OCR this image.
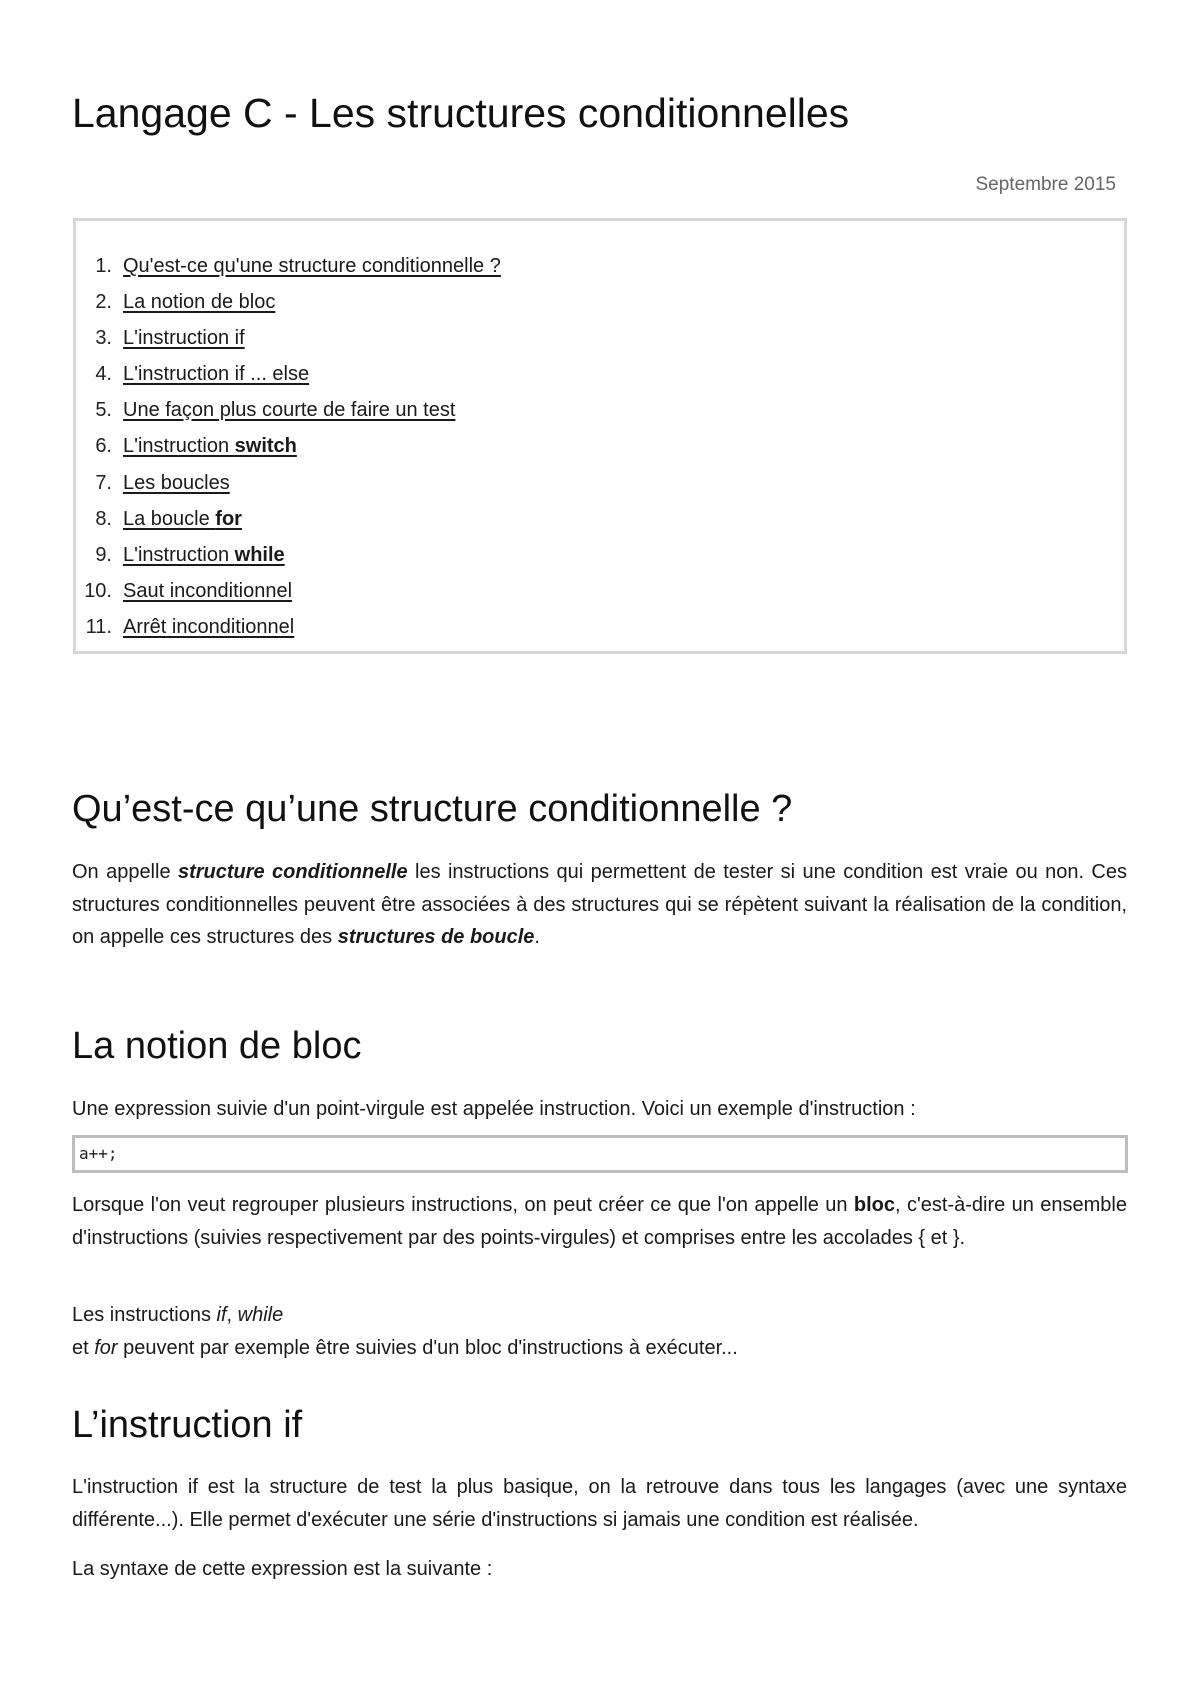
Langage C - Les structures conditionnelles
Septembre 2015
1. Qu'est-ce qu'une structure conditionnelle ?
2. La notion de bloc
3. L'instruction if
4. L'instruction if ... else
5. Une façon plus courte de faire un test
6. L'instruction switch
7. Les boucles
8. La boucle for
9. L'instruction while
10. Saut inconditionnel
11. Arrêt inconditionnel
Qu’est-ce qu’une structure conditionnelle ?

On appelle structure conditionnelle les instructions qui permettent de tester si une condition est vraie ou non. Ces structures conditionnelles peuvent être associées à des structures qui se répètent suivant la réalisation de la condition, on appelle ces structures des structures de boucle.

La notion de bloc

Une expression suivie d'un point-virgule est appelée instruction. Voici un exemple d'instruction :

a++;

Lorsque l'on veut regrouper plusieurs instructions, on peut créer ce que l'on appelle un bloc, c'est-à-dire un ensemble d'instructions (suivies respectivement par des points-virgules) et comprises entre les accolades { et }.

Les instructions if, while
et for peuvent par exemple être suivies d'un bloc d'instructions à exécuter...

L’instruction if

L'instruction if est la structure de test la plus basique, on la retrouve dans tous les langages (avec une syntaxe différente...). Elle permet d'exécuter une série d'instructions si jamais une condition est réalisée.

La syntaxe de cette expression est la suivante :
